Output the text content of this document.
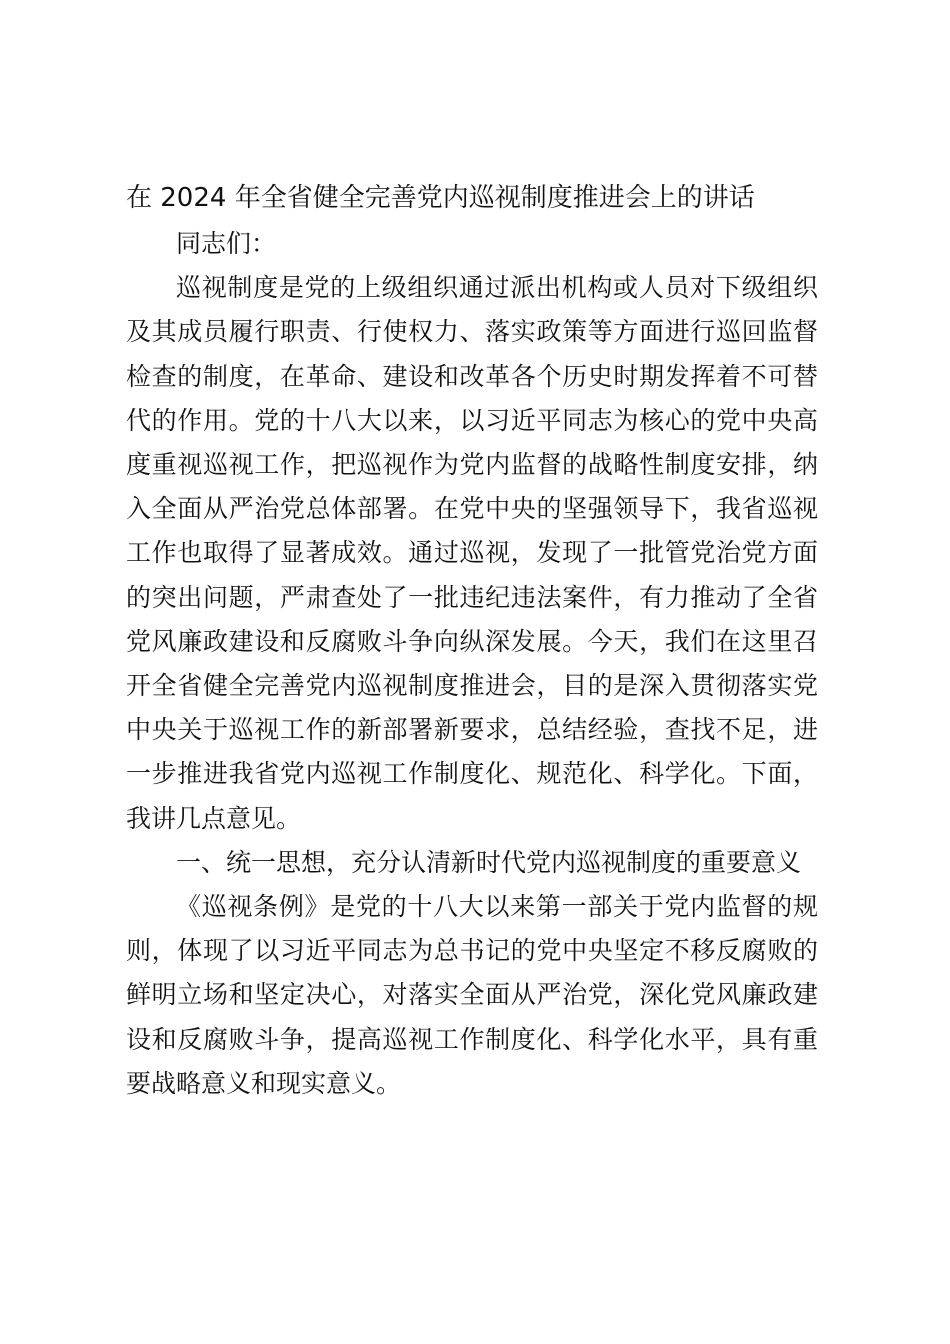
在 2024 年全省健全完善党内巡视制度推进会上的讲话

同志们：

巡视制度是党的上级组织通过派出机构或人员对下级组织及其成员履行职责、行使权力、落实政策等方面进行巡回监督检查的制度，在革命、建设和改革各个历史时期发挥着不可替代的作用。党的十八大以来，以习近平同志为核心的党中央高度重视巡视工作，把巡视作为党内监督的战略性制度安排，纳入全面从严治党总体部署。在党中央的坚强领导下，我省巡视工作也取得了显著成效。通过巡视，发现了一批管党治党方面的突出问题，严肃查处了一批违纪违法案件，有力推动了全省党风廉政建设和反腐败斗争向纵深发展。今天，我们在这里召开全省健全完善党内巡视制度推进会，目的是深入贯彻落实党中央关于巡视工作的新部署新要求，总结经验，查找不足，进一步推进我省党内巡视工作制度化、规范化、科学化。下面，我讲几点意见。

一、统一思想，充分认清新时代党内巡视制度的重要意义

《巡视条例》是党的十八大以来第一部关于党内监督的规则，体现了以习近平同志为总书记的党中央坚定不移反腐败的鲜明立场和坚定决心，对落实全面从严治党，深化党风廉政建设和反腐败斗争，提高巡视工作制度化、科学化水平，具有重要战略意义和现实意义。
